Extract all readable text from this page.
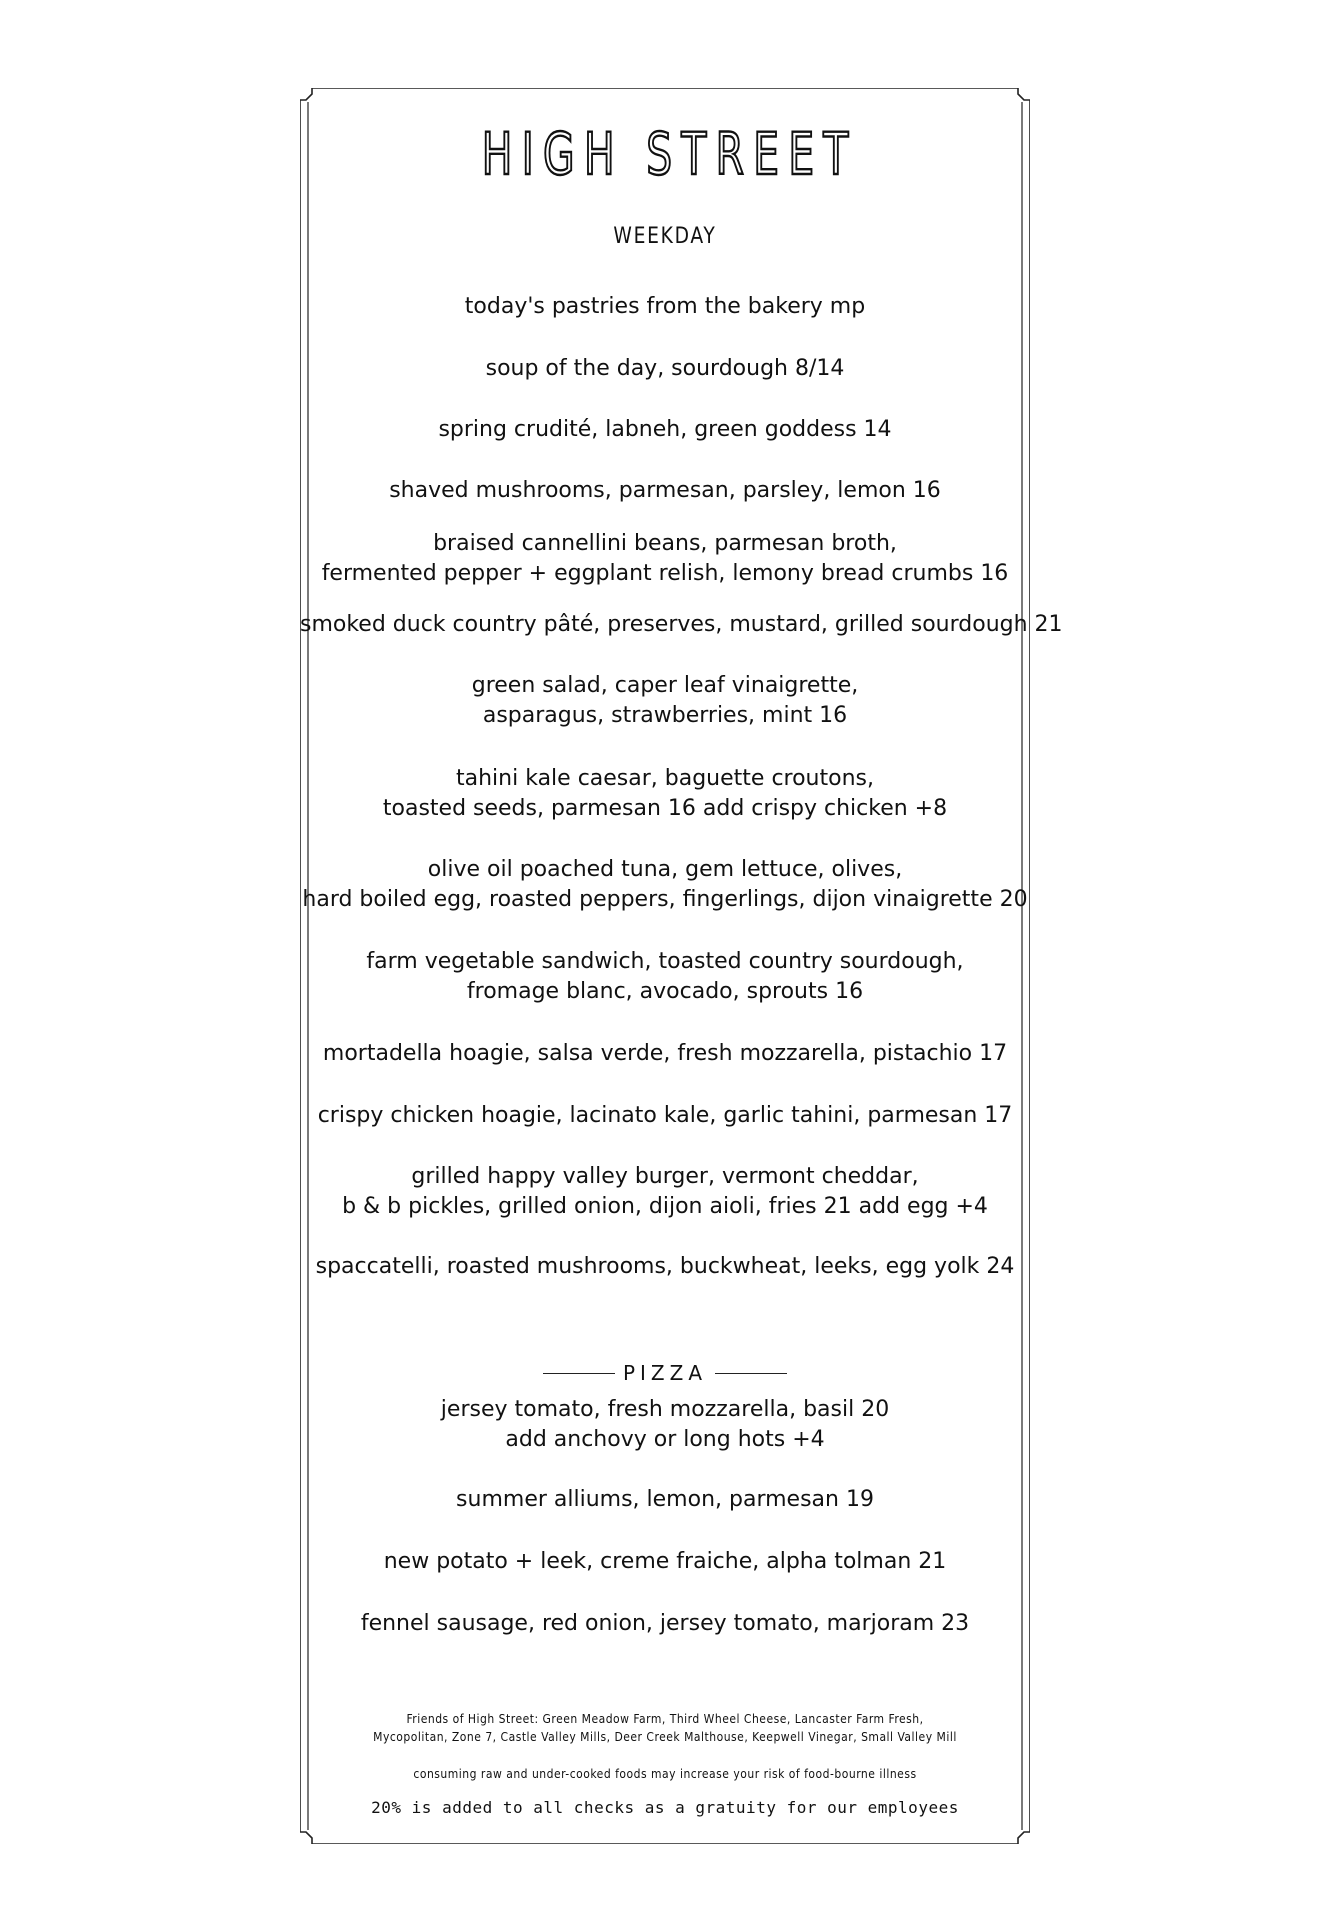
HIGH STREET
WEEKDAY
today's pastries from the bakery mp
soup of the day, sourdough 8/14
spring crudité, labneh, green goddess 14
shaved mushrooms, parmesan, parsley, lemon 16
braised cannellini beans, parmesan broth,
fermented pepper + eggplant relish, lemony bread crumbs 16
smoked duck country pâté, preserves, mustard, grilled sourdough 21
green salad, caper leaf vinaigrette,
asparagus, strawberries, mint 16
tahini kale caesar, baguette croutons,
toasted seeds, parmesan 16 add crispy chicken +8
olive oil poached tuna, gem lettuce, olives,
hard boiled egg, roasted peppers, fingerlings, dijon vinaigrette 20
farm vegetable sandwich, toasted country sourdough,
fromage blanc, avocado, sprouts 16
mortadella hoagie, salsa verde, fresh mozzarella, pistachio 17
crispy chicken hoagie, lacinato kale, garlic tahini, parmesan 17
grilled happy valley burger, vermont cheddar,
b & b pickles, grilled onion, dijon aioli, fries 21 add egg +4
spaccatelli, roasted mushrooms, buckwheat, leeks, egg yolk 24
PIZZA
jersey tomato, fresh mozzarella, basil 20
add anchovy or long hots +4
summer alliums, lemon, parmesan 19
new potato + leek, creme fraiche, alpha tolman 21
fennel sausage, red onion, jersey tomato, marjoram 23
Friends of High Street: Green Meadow Farm, Third Wheel Cheese, Lancaster Farm Fresh,
Mycopolitan, Zone 7, Castle Valley Mills, Deer Creek Malthouse, Keepwell Vinegar, Small Valley Mill
consuming raw and under-cooked foods may increase your risk of food-bourne illness
20% is added to all checks as a gratuity for our employees
